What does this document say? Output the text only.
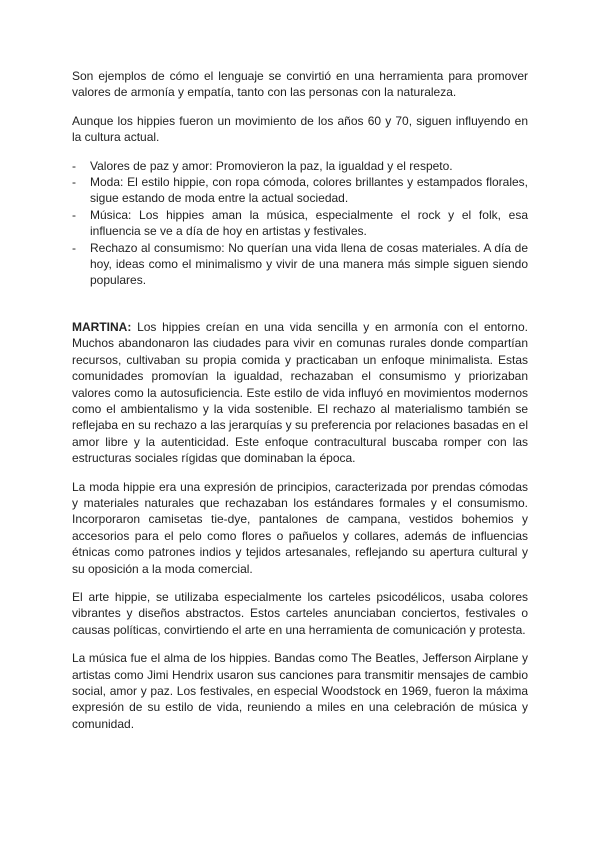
Son ejemplos de cómo el lenguaje se convirtió en una herramienta para promover valores de armonía y empatía, tanto con las personas con la naturaleza.

Aunque los hippies fueron un movimiento de los años 60 y 70, siguen influyendo en la cultura actual.

- Valores de paz y amor: Promovieron la paz, la igualdad y el respeto.
- Moda: El estilo hippie, con ropa cómoda, colores brillantes y estampados florales, sigue estando de moda entre la actual sociedad.
- Música: Los hippies aman la música, especialmente el rock y el folk, esa influencia se ve a día de hoy en artistas y festivales.
- Rechazo al consumismo: No querían una vida llena de cosas materiales. A día de hoy, ideas como el minimalismo y vivir de una manera más simple siguen siendo populares.

MARTINA: Los hippies creían en una vida sencilla y en armonía con el entorno. Muchos abandonaron las ciudades para vivir en comunas rurales donde compartían recursos, cultivaban su propia comida y practicaban un enfoque minimalista. Estas comunidades promovían la igualdad, rechazaban el consumismo y priorizaban valores como la autosuficiencia. Este estilo de vida influyó en movimientos modernos como el ambientalismo y la vida sostenible. El rechazo al materialismo también se reflejaba en su rechazo a las jerarquías y su preferencia por relaciones basadas en el amor libre y la autenticidad. Este enfoque contracultural buscaba romper con las estructuras sociales rígidas que dominaban la época.

La moda hippie era una expresión de principios, caracterizada por prendas cómodas y materiales naturales que rechazaban los estándares formales y el consumismo. Incorporaron camisetas tie-dye, pantalones de campana, vestidos bohemios y accesorios para el pelo como flores o pañuelos y collares, además de influencias étnicas como patrones indios y tejidos artesanales, reflejando su apertura cultural y su oposición a la moda comercial.

El arte hippie, se utilizaba especialmente los carteles psicodélicos, usaba colores vibrantes y diseños abstractos. Estos carteles anunciaban conciertos, festivales o causas políticas, convirtiendo el arte en una herramienta de comunicación y protesta.

La música fue el alma de los hippies. Bandas como The Beatles, Jefferson Airplane y artistas como Jimi Hendrix usaron sus canciones para transmitir mensajes de cambio social, amor y paz. Los festivales, en especial Woodstock en 1969, fueron la máxima expresión de su estilo de vida, reuniendo a miles en una celebración de música y comunidad.
